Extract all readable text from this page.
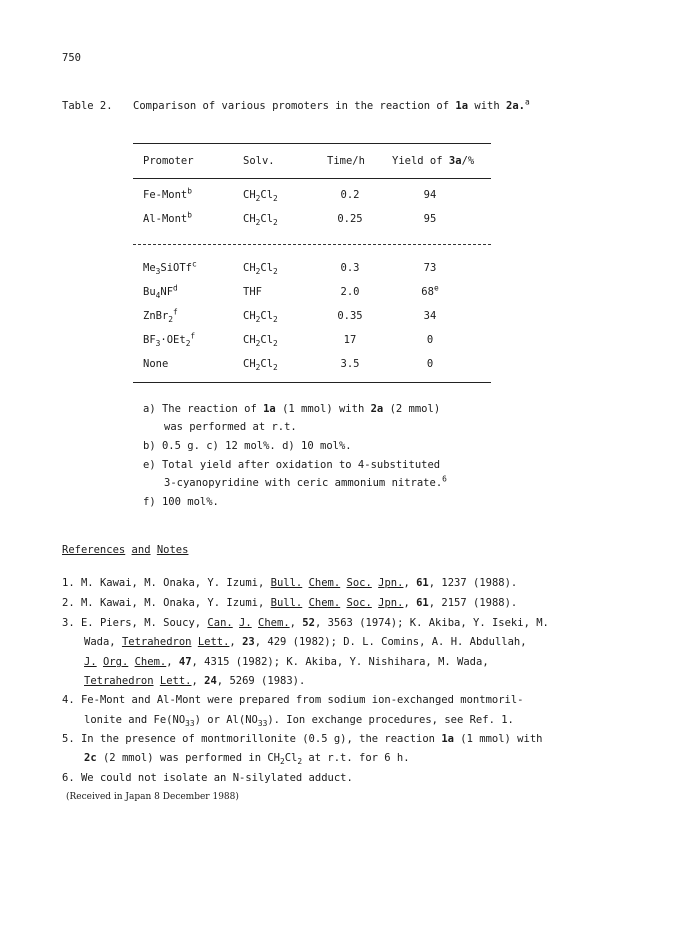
750
Table 2. Comparison of various promoters in the reaction of 1a with 2a.$^a$
Promoter	Solv.	Time/h	Yield of 3a/%
Fe-Mont$^b$	$CH_2Cl_2$	0.2	94
Al-Mont$^b$	$CH_2Cl_2$	0.25	95
$Me_3SiOTf^c$	$CH_2Cl_2$	0.3	73
$Bu_4NF^d$	THF	2.0	68e
ZnBr$_2^f$	$CH_2Cl_2$	0.35	34
$BF_3\cdot OEt_2^f$	$CH_2Cl_2$	17	0
None	$CH_2Cl_2$	3.5	0
a) The reaction of 1a (1 mmol) with 2a (2 mmol)
was performed at r.t.
b) 0.5 g. c) 12 mol%. d) 10 mol%.
e) Total yield after oxidation to 4-substituted
3-cyanopyridine with ceric ammonium nitrate.$^6$
f) 100 mol%.
References and Notes
1. M. Kawai, M. Onaka, Y. Izumi, Bull. Chem. Soc. Jpn., 61, 1237 (1988).
2. M. Kawai, M. Onaka, Y. Izumi, Bull. Chem. Soc. Jpn., 61, 2157 (1988).
3. E. Piers, M. Soucy, Can. J. Chem., 52, 3563 (1974); K. Akiba, Y. Iseki, M.
Wada, Tetrahedron Lett., 23, 429 (1982); D. L. Comins, A. H. Abdullah,
J. Org. Chem., 47, 4315 (1982); K. Akiba, Y. Nishihara, M. Wada,
Tetrahedron Lett., 24, 5269 (1983).
4. Fe-Mont and Al-Mont were prepared from sodium ion-exchanged montmoril-
lonite and $Fe(NO_{33})$ or $Al(NO_{33})$. Ion exchange procedures, see Ref. 1.
5. In the presence of montmorillonite (0.5 g), the reaction 1a (1 mmol) with
2c (2 mmol) was performed in $CH_2Cl_2$ at r.t. for 6 h.
6. We could not isolate an N-silylated adduct.
(Received in Japan 8 December 1988)
